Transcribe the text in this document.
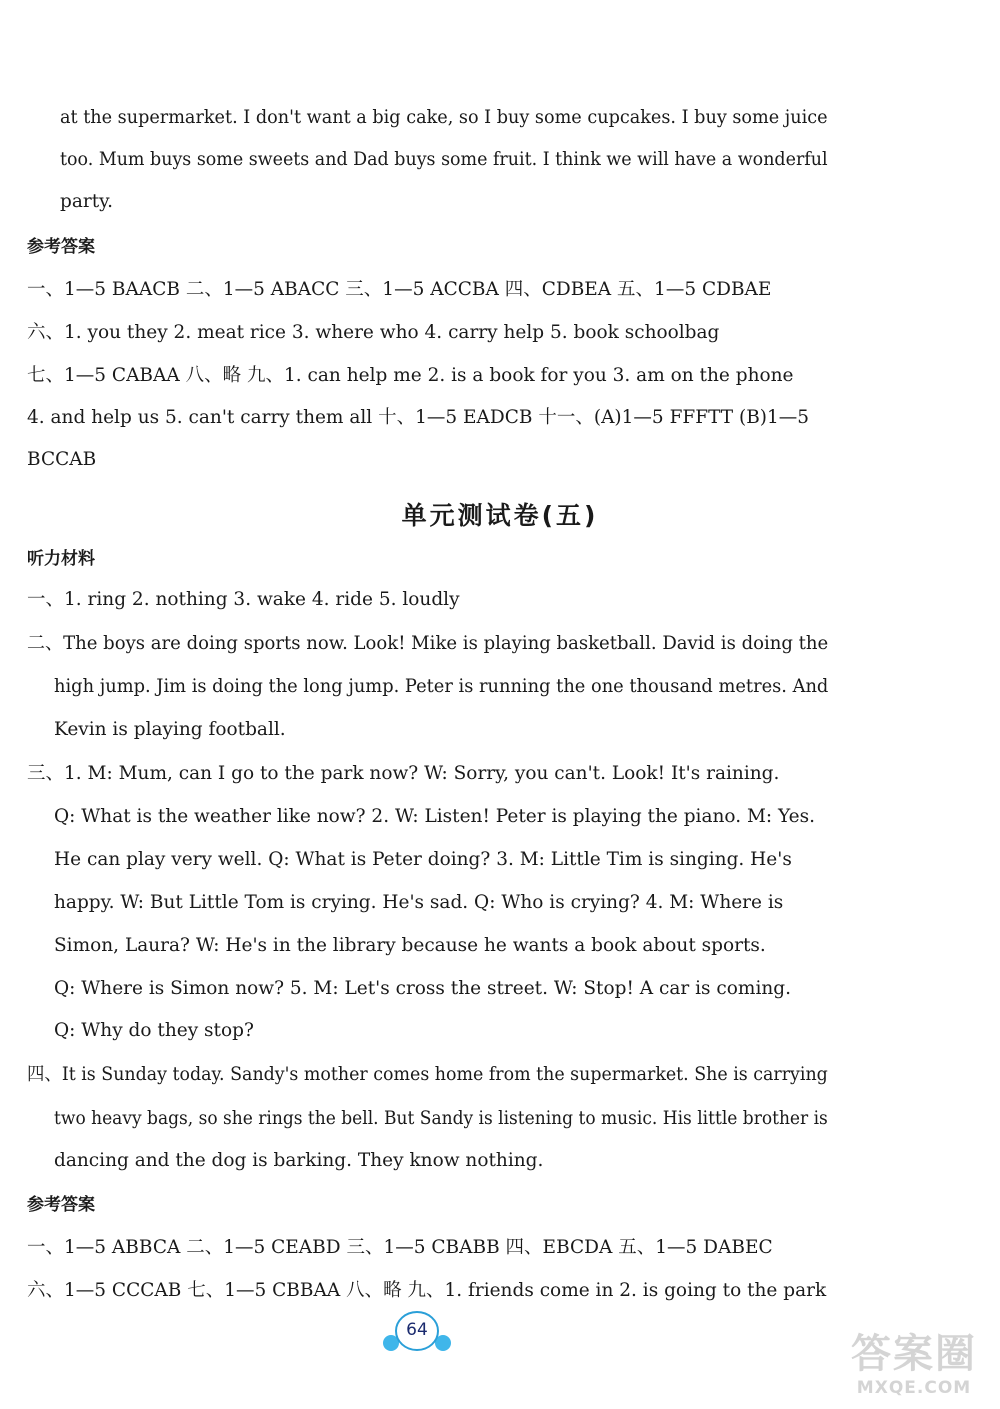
at the supermarket. I don't want a big cake, so I buy some cupcakes. I buy some juice
too. Mum buys some sweets and Dad buys some fruit. I think we will have a wonderful
party.
参考答案
一、1—5 BAACB 二、1—5 ABACC 三、1—5 ACCBA 四、CDBEA 五、1—5 CDBAE
六、1. you they 2. meat rice 3. where who 4. carry help 5. book schoolbag
七、1—5 CABAA 八、略 九、1. can help me 2. is a book for you 3. am on the phone
4. and help us 5. can't carry them all 十、1—5 EADCB 十一、(A)1—5 FFFTT (B)1—5
BCCAB
单元测试卷(五)
听力材料
一、1. ring 2. nothing 3. wake 4. ride 5. loudly
二、The boys are doing sports now. Look! Mike is playing basketball. David is doing the
high jump. Jim is doing the long jump. Peter is running the one thousand metres. And
Kevin is playing football.
三、1. M: Mum, can I go to the park now? W: Sorry, you can't. Look! It's raining.
Q: What is the weather like now? 2. W: Listen! Peter is playing the piano. M: Yes.
He can play very well. Q: What is Peter doing? 3. M: Little Tim is singing. He's
happy. W: But Little Tom is crying. He's sad. Q: Who is crying? 4. M: Where is
Simon, Laura? W: He's in the library because he wants a book about sports.
Q: Where is Simon now? 5. M: Let's cross the street. W: Stop! A car is coming.
Q: Why do they stop?
四、It is Sunday today. Sandy's mother comes home from the supermarket. She is carrying
two heavy bags, so she rings the bell. But Sandy is listening to music. His little brother is
dancing and the dog is barking. They know nothing.
参考答案
一、1—5 ABBCA 二、1—5 CEABD 三、1—5 CBABB 四、EBCDA 五、1—5 DABEC
六、1—5 CCCAB 七、1—5 CBBAA 八、略 九、1. friends come in 2. is going to the park
64
答案圈
MXQE.COM
